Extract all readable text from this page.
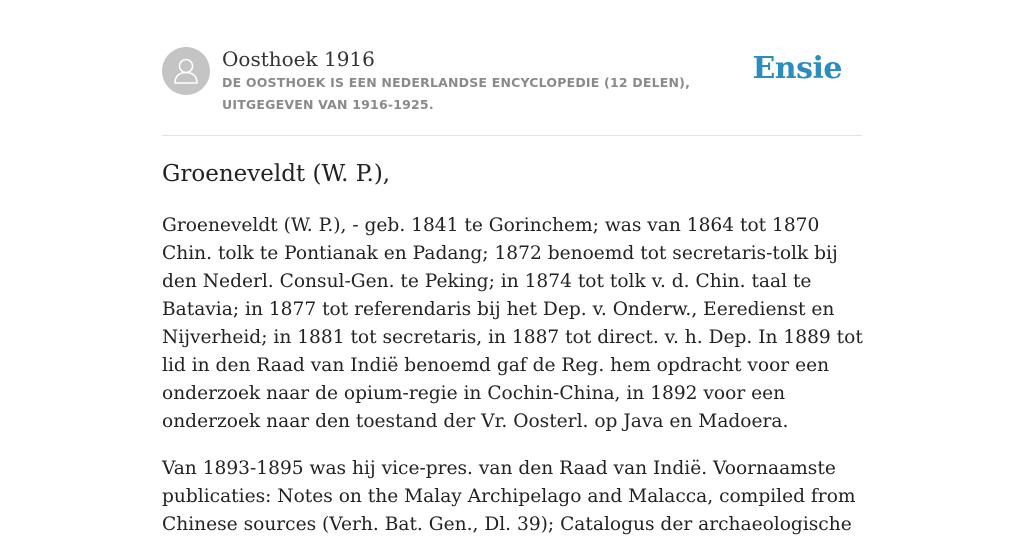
Oosthoek 1916
DE OOSTHOEK IS EEN NEDERLANDSE ENCYCLOPEDIE (12 DELEN), UITGEGEVEN VAN 1916-1925.
Ensie
Groeneveldt (W. P.),

Groeneveldt (W. P.), - geb. 1841 te Gorinchem; was van 1864 tot 1870 Chin. tolk te Pontianak en Padang; 1872 benoemd tot secretaris-tolk bij den Nederl. Consul-Gen. te Peking; in 1874 tot tolk v. d. Chin. taal te Batavia; in 1877 tot referendaris bij het Dep. v. Onderw., Eeredienst en Nijverheid; in 1881 tot secretaris, in 1887 tot direct. v. h. Dep. In 1889 tot lid in den Raad van Indië benoemd gaf de Reg. hem opdracht voor een onderzoek naar de opium-regie in Cochin-China, in 1892 voor een onderzoek naar den toestand der Vr. Oosterl. op Java en Madoera.

Van 1893-1895 was hij vice-pres. van den Raad van Indië. Voornaamste publicaties: Notes on the Malay Archipelago and Malacca, compiled from Chinese sources (Verh. Bat. Gen., Dl. 39); Catalogus der archaeologische
